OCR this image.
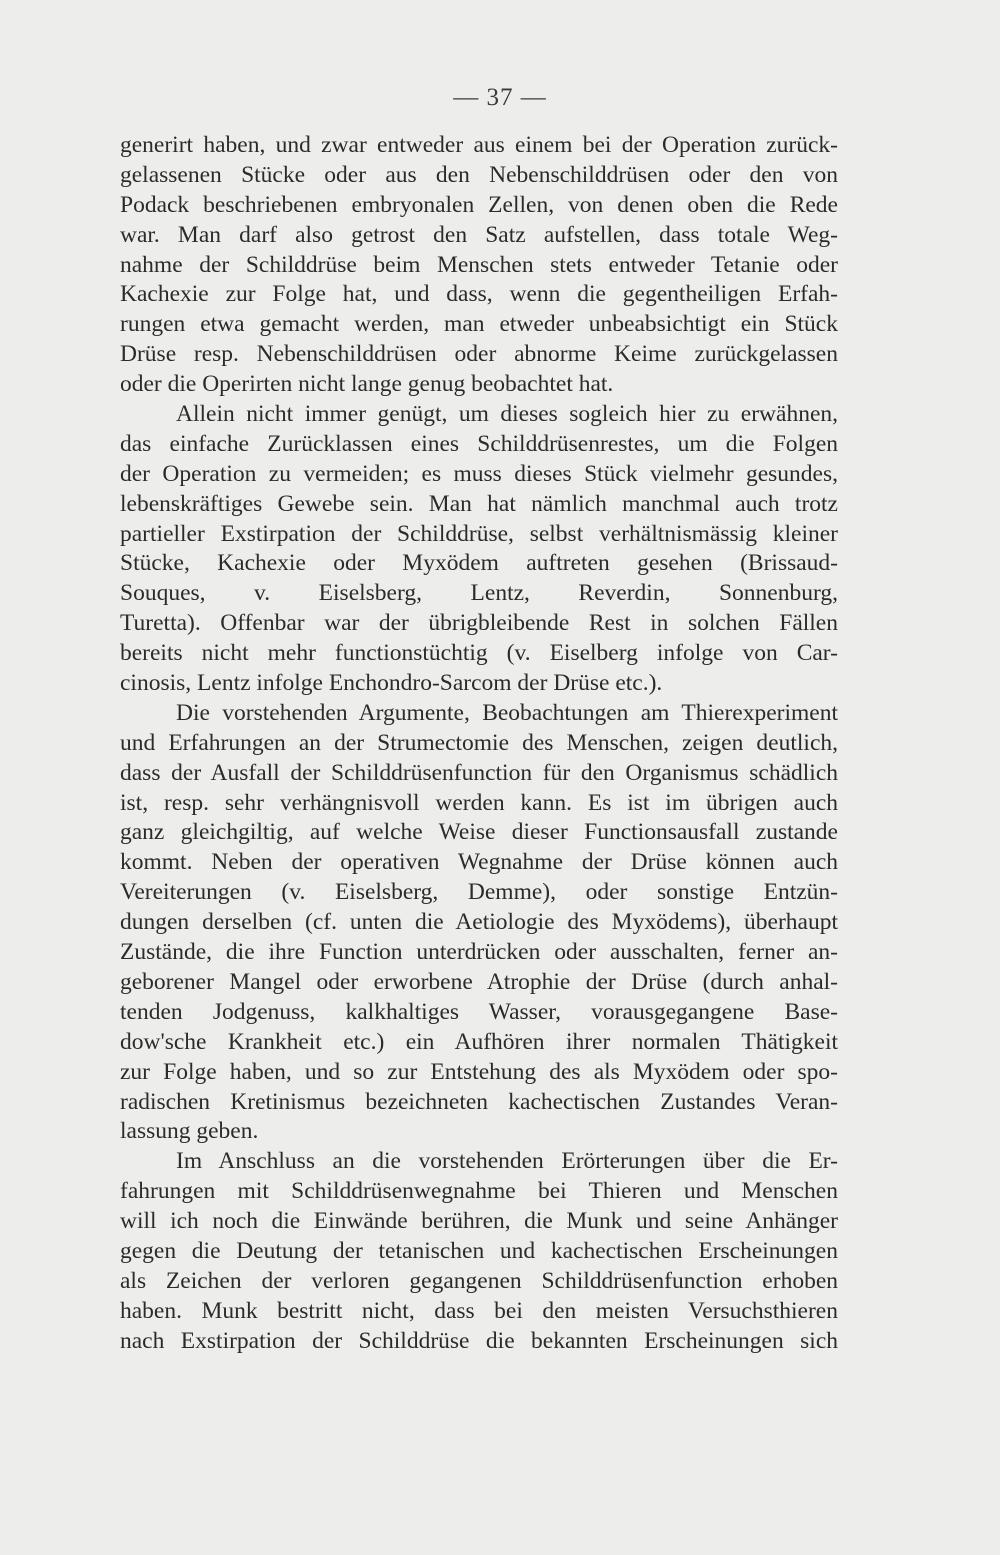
— 37 —
generirt haben, und zwar entweder aus einem bei der Operation zurück-
gelassenen Stücke oder aus den Nebenschilddrüsen oder den von
Podack beschriebenen embryonalen Zellen, von denen oben die Rede
war. Man darf also getrost den Satz aufstellen, dass totale Weg-
nahme der Schilddrüse beim Menschen stets entweder Tetanie oder
Kachexie zur Folge hat, und dass, wenn die gegentheiligen Erfah-
rungen etwa gemacht werden, man etweder unbeabsichtigt ein Stück
Drüse resp. Nebenschilddrüsen oder abnorme Keime zurückgelassen
oder die Operirten nicht lange genug beobachtet hat.
Allein nicht immer genügt, um dieses sogleich hier zu erwähnen,
das einfache Zurücklassen eines Schilddrüsenrestes, um die Folgen
der Operation zu vermeiden; es muss dieses Stück vielmehr gesundes,
lebenskräftiges Gewebe sein. Man hat nämlich manchmal auch trotz
partieller Exstirpation der Schilddrüse, selbst verhältnismässig kleiner
Stücke, Kachexie oder Myxödem auftreten gesehen (Brissaud-
Souques, v. Eiselsberg, Lentz, Reverdin, Sonnenburg,
Turetta). Offenbar war der übrigbleibende Rest in solchen Fällen
bereits nicht mehr functionstüchtig (v. Eiselberg infolge von Car-
cinosis, Lentz infolge Enchondro-Sarcom der Drüse etc.).
Die vorstehenden Argumente, Beobachtungen am Thierexperiment
und Erfahrungen an der Strumectomie des Menschen, zeigen deutlich,
dass der Ausfall der Schilddrüsenfunction für den Organismus schädlich
ist, resp. sehr verhängnisvoll werden kann. Es ist im übrigen auch
ganz gleichgiltig, auf welche Weise dieser Functionsausfall zustande
kommt. Neben der operativen Wegnahme der Drüse können auch
Vereiterungen (v. Eiselsberg, Demme), oder sonstige Entzün-
dungen derselben (cf. unten die Aetiologie des Myxödems), überhaupt
Zustände, die ihre Function unterdrücken oder ausschalten, ferner an-
geborener Mangel oder erworbene Atrophie der Drüse (durch anhal-
tenden Jodgenuss, kalkhaltiges Wasser, vorausgegangene Base-
dow'sche Krankheit etc.) ein Aufhören ihrer normalen Thätigkeit
zur Folge haben, und so zur Entstehung des als Myxödem oder spo-
radischen Kretinismus bezeichneten kachectischen Zustandes Veran-
lassung geben.
Im Anschluss an die vorstehenden Erörterungen über die Er-
fahrungen mit Schilddrüsenwegnahme bei Thieren und Menschen
will ich noch die Einwände berühren, die Munk und seine Anhänger
gegen die Deutung der tetanischen und kachectischen Erscheinungen
als Zeichen der verloren gegangenen Schilddrüsenfunction erhoben
haben. Munk bestritt nicht, dass bei den meisten Versuchsthieren
nach Exstirpation der Schilddrüse die bekannten Erscheinungen sich
